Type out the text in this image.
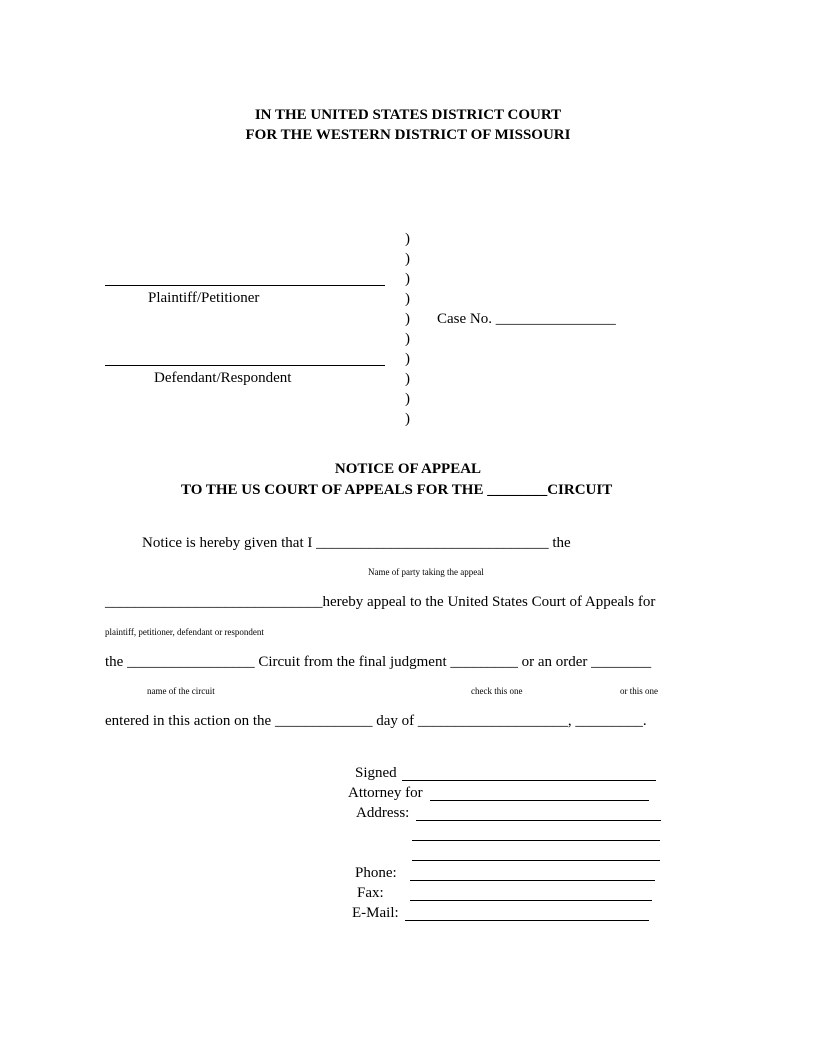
IN THE UNITED STATES DISTRICT COURT
FOR THE WESTERN DISTRICT OF MISSOURI
Plaintiff/Petitioner
Defendant/Respondent
)
)
)
)
)
)
)
)
)
)
Case No. ________________
NOTICE OF APPEAL
TO THE US COURT OF APPEALS FOR THE ________CIRCUIT
Notice is hereby given that I _______________________________ the
Name of party taking the appeal
_____________________________hereby appeal to the United States Court of Appeals for
plaintiff, petitioner, defendant or respondent
the _________________ Circuit from the final judgment _________ or an order ________
name of the circuit	check this one	or this one
entered in this action on the _____________ day of ____________________, _________.
Signed
Attorney for
Address:
Phone:
Fax:
E-Mail:
